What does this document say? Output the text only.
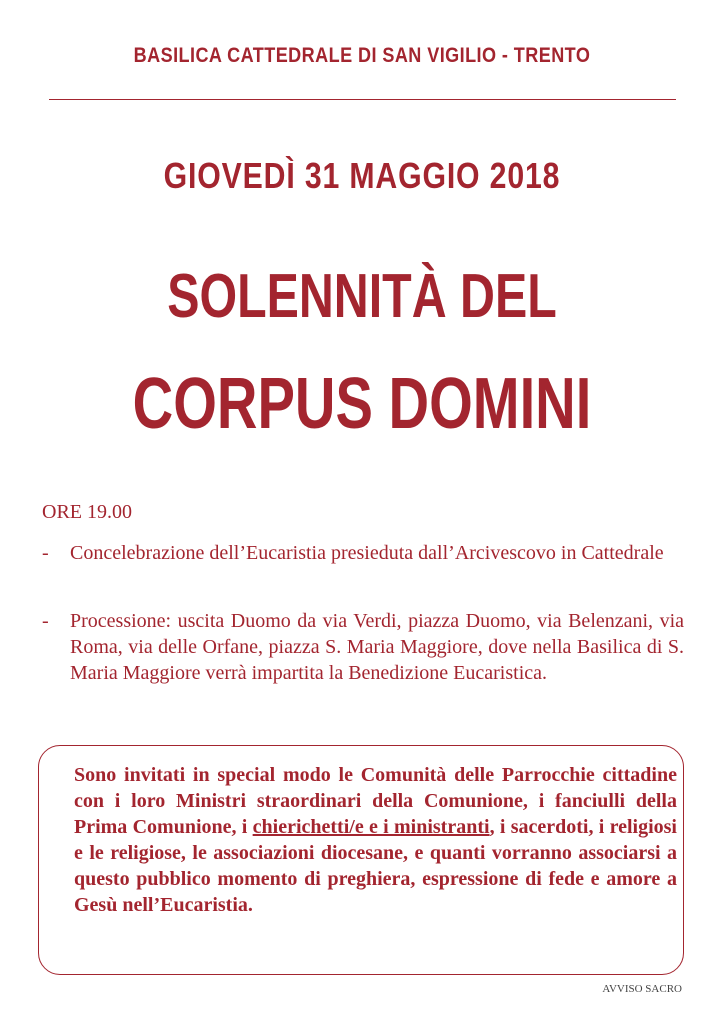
BASILICA CATTEDRALE DI SAN VIGILIO - TRENTO
GIOVEDÌ 31 MAGGIO 2018
SOLENNITÀ DEL
CORPUS DOMINI
ORE 19.00
-	Concelebrazione dell’Eucaristia presieduta dall’Arcivescovo in Cattedrale
-	Processione: uscita Duomo da via Verdi, piazza Duomo, via Belenzani, via Roma, via delle Orfane, piazza S. Maria Maggiore, dove nella Basilica di S. Maria Maggiore verrà impartita la Benedizione Eucaristica.
Sono invitati in special modo le Comunità delle Parrocchie cittadine con i loro Ministri straordinari della Comunione, i fanciulli della Prima Comunione, i chierichetti/e e i ministranti, i sacerdoti, i religiosi e le religiose, le associazioni diocesane, e quanti vorranno associarsi a questo pubblico momento di preghiera, espressione di fede e amore a Gesù nell’Eucaristia.
AVVISO SACRO
